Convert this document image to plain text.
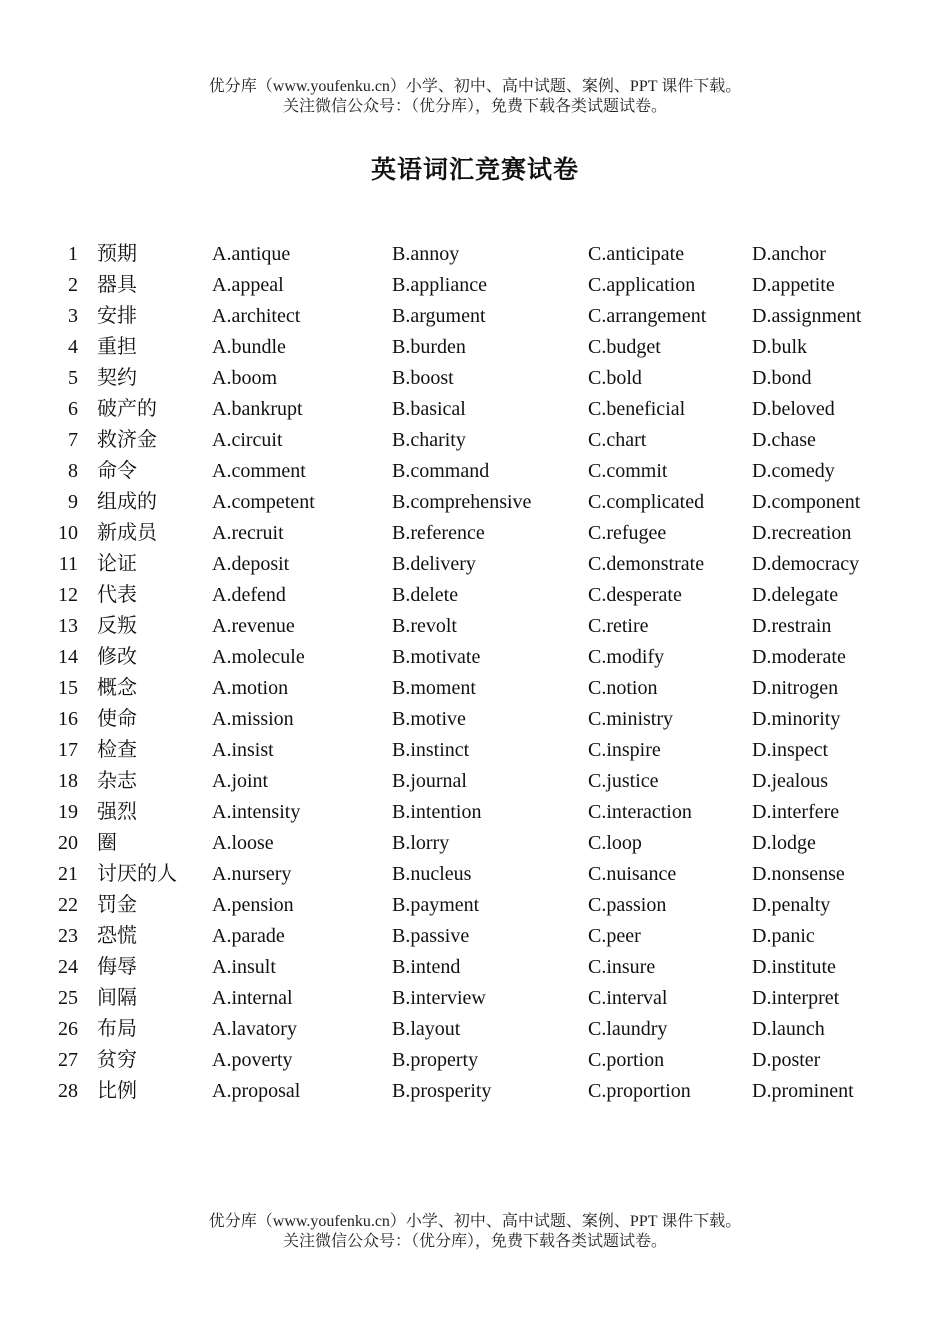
优分库（www.youfenku.cn）小学、初中、高中试题、案例、PPT 课件下载。
关注微信公众号：（优分库），免费下载各类试题试卷。
英语词汇竞赛试卷
1 预期	A.antique	B.annoy	C.anticipate	D.anchor
2 器具	A.appeal	B.appliance	C.application	D.appetite
3 安排	A.architect	B.argument	C.arrangement D.assignment
4 重担	A.bundle	B.burden	C.budget	D.bulk
5 契约	A.boom	B.boost	C.bold	D.bond
6 破产的	A.bankrupt	B.basical	C.beneficial	D.beloved
7 救济金	A.circuit	B.charity	C.chart	D.chase
8 命令	A.comment	B.command	C.commit	D.comedy
9 组成的	A.competent	B.comprehensive	C.complicated D.component
10 新成员	A.recruit	B.reference	C.refugee	D.recreation
11 论证	A.deposit	B.delivery	C.demonstrate D.democracy
12 代表	A.defend	B.delete	C.desperate	D.delegate
13 反叛	A.revenue	B.revolt	C.retire	D.restrain
14 修改	A.molecule	B.motivate	C.modify	D.moderate
15 概念	A.motion	B.moment	C.notion	D.nitrogen
16 使命	A.mission	B.motive	C.ministry	D.minority
17 检查	A.insist	B.instinct	C.inspire	D.inspect
18 杂志	A.joint	B.journal	C.justice	D.jealous
19 强烈	A.intensity	B.intention	C.interaction	D.interfere
20 圈	A.loose	B.lorry	C.loop	D.lodge
21 讨厌的人 A.nursery	B.nucleus	C.nuisance	D.nonsense
22 罚金	A.pension	B.payment	C.passion	D.penalty
23 恐慌	A.parade	B.passive	C.peer	D.panic
24 侮辱	A.insult	B.intend	C.insure	D.institute
25 间隔	A.internal	B.interview	C.interval	D.interpret
26 布局	A.lavatory	B.layout	C.laundry	D.launch
27 贫穷	A.poverty	B.property	C.portion	D.poster
28 比例	A.proposal	B.prosperity	C.proportion	D.prominent
优分库（www.youfenku.cn）小学、初中、高中试题、案例、PPT 课件下载。
关注微信公众号：（优分库），免费下载各类试题试卷。
